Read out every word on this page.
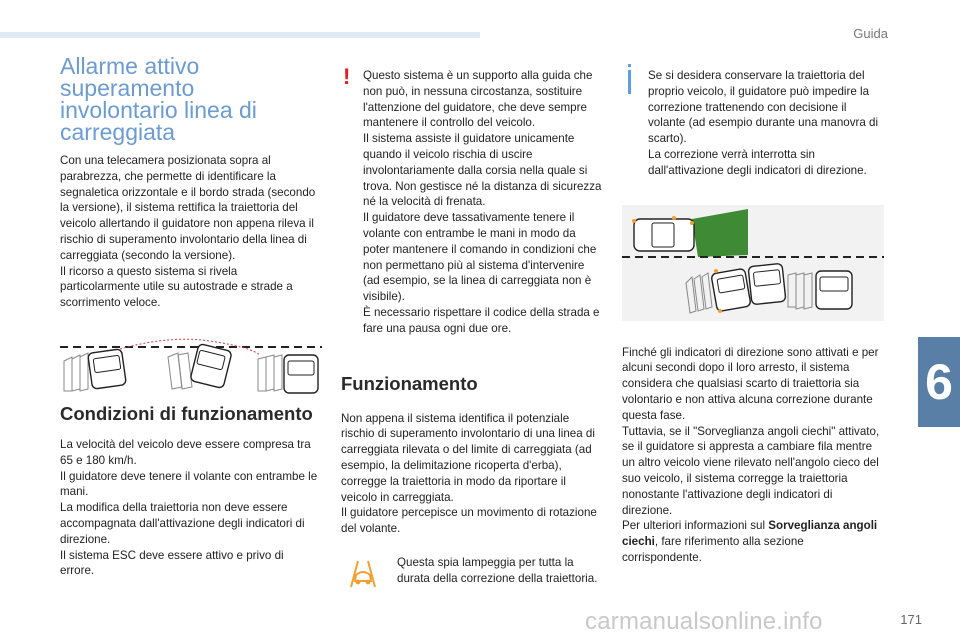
Guida
6
171
carmanualsonline.info
Allarme attivo superamento involontario linea di carreggiata

Con una telecamera posizionata sopra al parabrezza, che permette di identificare la segnaletica orizzontale e il bordo strada (secondo la versione), il sistema rettifica la traiettoria del veicolo allertando il guidatore non appena rileva il rischio di superamento involontario della linea di carreggiata (secondo la versione).

Il ricorso a questo sistema si rivela particolarmente utile su autostrade e strade a scorrimento veloce.

Condizioni di funzionamento

La velocità del veicolo deve essere compresa tra 65 e 180 km/h.

Il guidatore deve tenere il volante con entrambe le mani.

La modifica della traiettoria non deve essere accompagnata dall'attivazione degli indicatori di direzione.

Il sistema ESC deve essere attivo e privo di errore.

! Questo sistema è un supporto alla guida che non può, in nessuna circostanza, sostituire l'attenzione del guidatore, che deve sempre mantenere il controllo del veicolo.

Il sistema assiste il guidatore unicamente quando il veicolo rischia di uscire involontariamente dalla corsia nella quale si trova. Non gestisce né la distanza di sicurezza né la velocità di frenata.

Il guidatore deve tassativamente tenere il volante con entrambe le mani in modo da poter mantenere il comando in condizioni che non permettano più al sistema d'intervenire (ad esempio, se la linea di carreggiata non è visibile).

È necessario rispettare il codice della strada e fare una pausa ogni due ore.

Funzionamento

Non appena il sistema identifica il potenziale rischio di superamento involontario di una linea di carreggiata rilevata o del limite di carreggiata (ad esempio, la delimitazione ricoperta d'erba), corregge la traiettoria in modo da riportare il veicolo in carreggiata.

Il guidatore percepisce un movimento di rotazione del volante.

Questa spia lampeggia per tutta la durata della correzione della traiettoria.

Se si desidera conservare la traiettoria del proprio veicolo, il guidatore può impedire la correzione trattenendo con decisione il volante (ad esempio durante una manovra di scarto).

La correzione verrà interrotta sin dall'attivazione degli indicatori di direzione.

Finché gli indicatori di direzione sono attivati e per alcuni secondi dopo il loro arresto, il sistema considera che qualsiasi scarto di traiettoria sia volontario e non attiva alcuna correzione durante questa fase.

Tuttavia, se il "Sorveglianza angoli ciechi" attivato, se il guidatore si appresta a cambiare fila mentre un altro veicolo viene rilevato nell'angolo cieco del suo veicolo, il sistema corregge la traiettoria nonostante l'attivazione degli indicatori di direzione.

Per ulteriori informazioni sul Sorveglianza angoli ciechi, fare riferimento alla sezione corrispondente.
